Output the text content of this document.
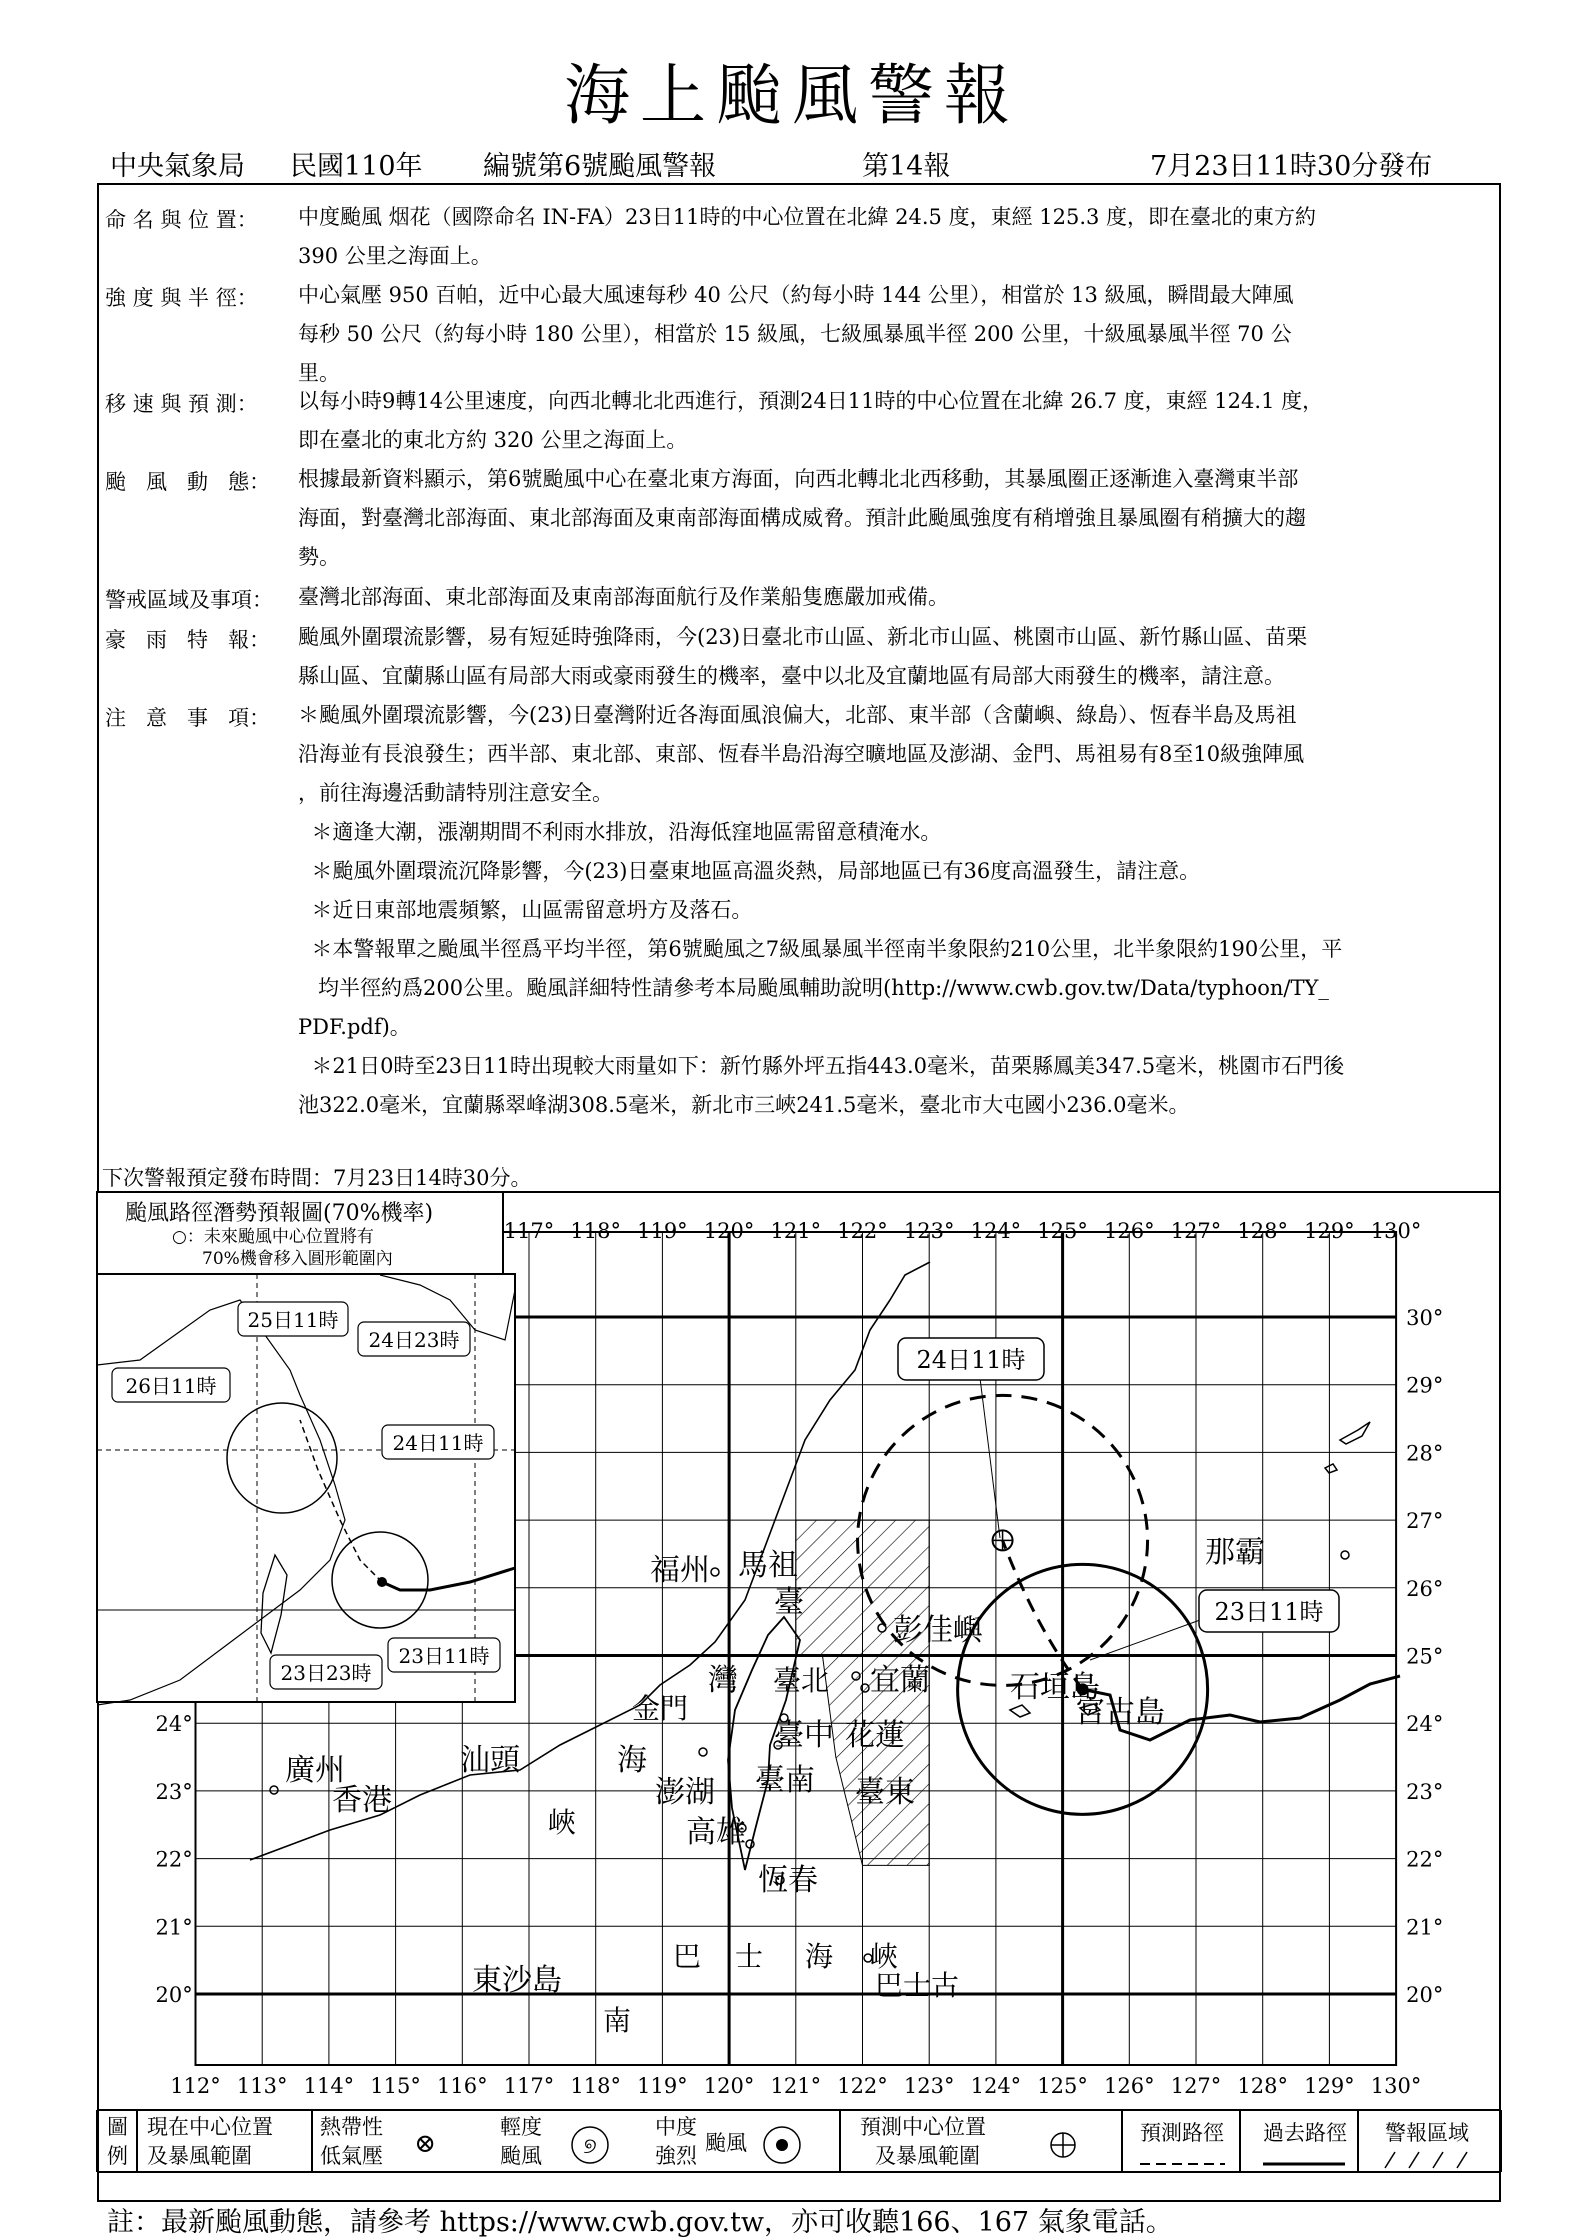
海上颱風警報
中央氣象局 民國110年 編號第6號颱風警報	第14報	7月23日11時30分發布
命 名 與 位 置： 中度颱風 烟花（國際命名 IN-FA）23日11時的中心位置在北緯 24.5 度，東經 125.3 度，即在臺北的東方約
390 公里之海面上。
強 度 與 半 徑： 中心氣壓 950 百帕，近中心最大風速每秒 40 公尺（約每小時 144 公里），相當於 13 級風，瞬間最大陣風
每秒 50 公尺（約每小時 180 公里），相當於 15 級風，七級風暴風半徑 200 公里，十級風暴風半徑 70 公
里。
移 速 與 預 測： 以每小時9轉14公里速度，向西北轉北北西進行，預測24日11時的中心位置在北緯 26.7 度，東經 124.1 度，
即在臺北的東北方約 320 公里之海面上。
颱   風   動   態： 根據最新資料顯示，第6號颱風中心在臺北東方海面，向西北轉北北西移動，其暴風圈正逐漸進入臺灣東半部
海面，對臺灣北部海面、東北部海面及東南部海面構成威脅。預計此颱風強度有稍增強且暴風圈有稍擴大的趨
勢。
警戒區域及事項： 臺灣北部海面、東北部海面及東南部海面航行及作業船隻應嚴加戒備。
豪   雨   特   報： 颱風外圍環流影響，易有短延時強降雨，今(23)日臺北市山區、新北市山區、桃園市山區、新竹縣山區、苗栗
縣山區、宜蘭縣山區有局部大雨或豪雨發生的機率，臺中以北及宜蘭地區有局部大雨發生的機率，請注意。
注   意   事   項： ＊颱風外圍環流影響，今(23)日臺灣附近各海面風浪偏大，北部、東半部（含蘭嶼、綠島）、恆春半島及馬祖
沿海並有長浪發生；西半部、東北部、東部、恆春半島沿海空曠地區及澎湖、金門、馬祖易有8至10級強陣風
，前往海邊活動請特別注意安全。
＊適逢大潮，漲潮期間不利雨水排放，沿海低窪地區需留意積淹水。
＊颱風外圍環流沉降影響，今(23)日臺東地區高溫炎熱，局部地區已有36度高溫發生，請注意。
＊近日東部地震頻繁，山區需留意坍方及落石。
＊本警報單之颱風半徑爲平均半徑，第6號颱風之7級風暴風半徑南半象限約210公里，北半象限約190公里，平
均半徑約爲200公里。颱風詳細特性請參考本局颱風輔助說明(http://www.cwb.gov.tw/Data/typhoon/TY_
PDF.pdf)。
＊21日0時至23日11時出現較大雨量如下：新竹縣外坪五指443.0毫米，苗栗縣鳳美347.5毫米，桃園市石門後
池322.0毫米，宜蘭縣翠峰湖308.5毫米，新北市三峽241.5毫米，臺北市大屯國小236.0毫米。
下次警報預定發布時間：7月23日14時30分。
24日11時
23日11時
112° 113° 114° 115° 116° 117° 118° 119° 120° 121° 122° 123° 124° 125° 126° 127° 128° 129° 130°
117° 118° 119° 120° 121° 122° 123° 124° 125° 126° 127° 128° 129° 130°
30°
29°
28°
27°
26°
25°
24°
23°
22°
21°
20°
24°
23°
22°
21°
20°
福州 馬祖
臺
彭佳嶼
灣 臺北 宜蘭	石垣島
宮古島
那霸
金門
臺中 花蓮
海
澎湖 臺南 臺東
廣州
香港
汕頭
峽	高雄
恆春
巴 士 海 峽
巴士古
東沙島
南
颱風路徑潛勢預報圖(70%機率)
○：未來颱風中心位置將有
70%機會移入圓形範圍內
25日11時
24日23時
26日11時
24日11時
23日23時
23日11時
圖
例
現在中心位置
及暴風範圍
熱帶性
低氣壓
輕度
颱風
中度
強烈
颱風
預測中心位置
及暴風範圍
預測路徑 過去路徑 警報區域
⊗	୭
註：最新颱風動態，請參考 https://www.cwb.gov.tw，亦可收聽166、167 氣象電話。
